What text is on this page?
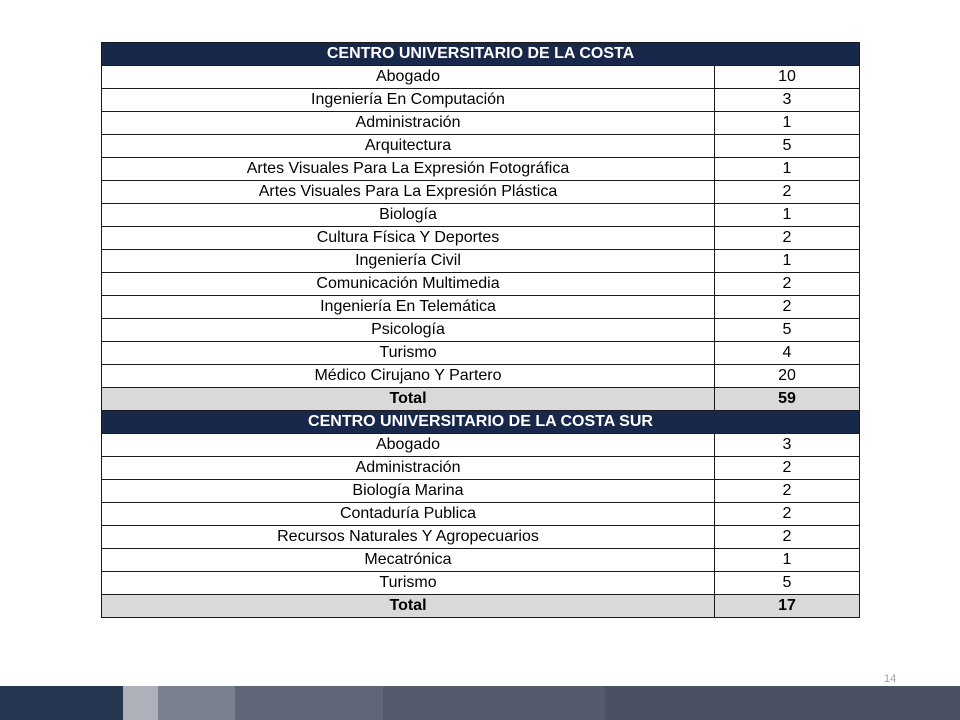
CENTRO UNIVERSITARIO DE LA COSTA	
Abogado	10
Ingeniería En Computación	3
Administración	1
Arquitectura	5
Artes Visuales Para La Expresión Fotográfica	1
Artes Visuales Para La Expresión Plástica	2
Biología	1
Cultura Física Y Deportes	2
Ingeniería Civil	1
Comunicación Multimedia	2
Ingeniería En Telemática	2
Psicología	5
Turismo	4
Médico Cirujano Y Partero	20
Total	59
CENTRO UNIVERSITARIO DE LA COSTA SUR	
Abogado	3
Administración	2
Biología Marina	2
Contaduría Publica	2
Recursos Naturales Y Agropecuarios	2
Mecatrónica	1
Turismo	5
Total	17
14
